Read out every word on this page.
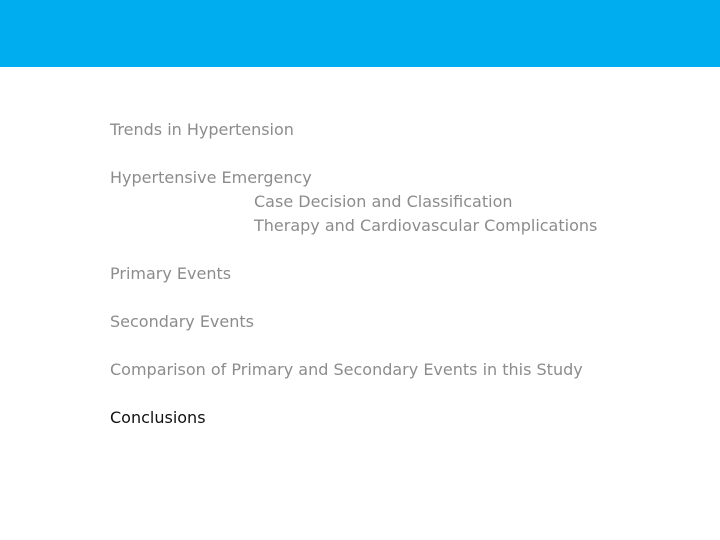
Trends in Hypertension
Hypertensive Emergency
Case Decision and Classification
Therapy and Cardiovascular Complications
Primary Events
Secondary Events
Comparison of Primary and Secondary Events in this Study
Conclusions
